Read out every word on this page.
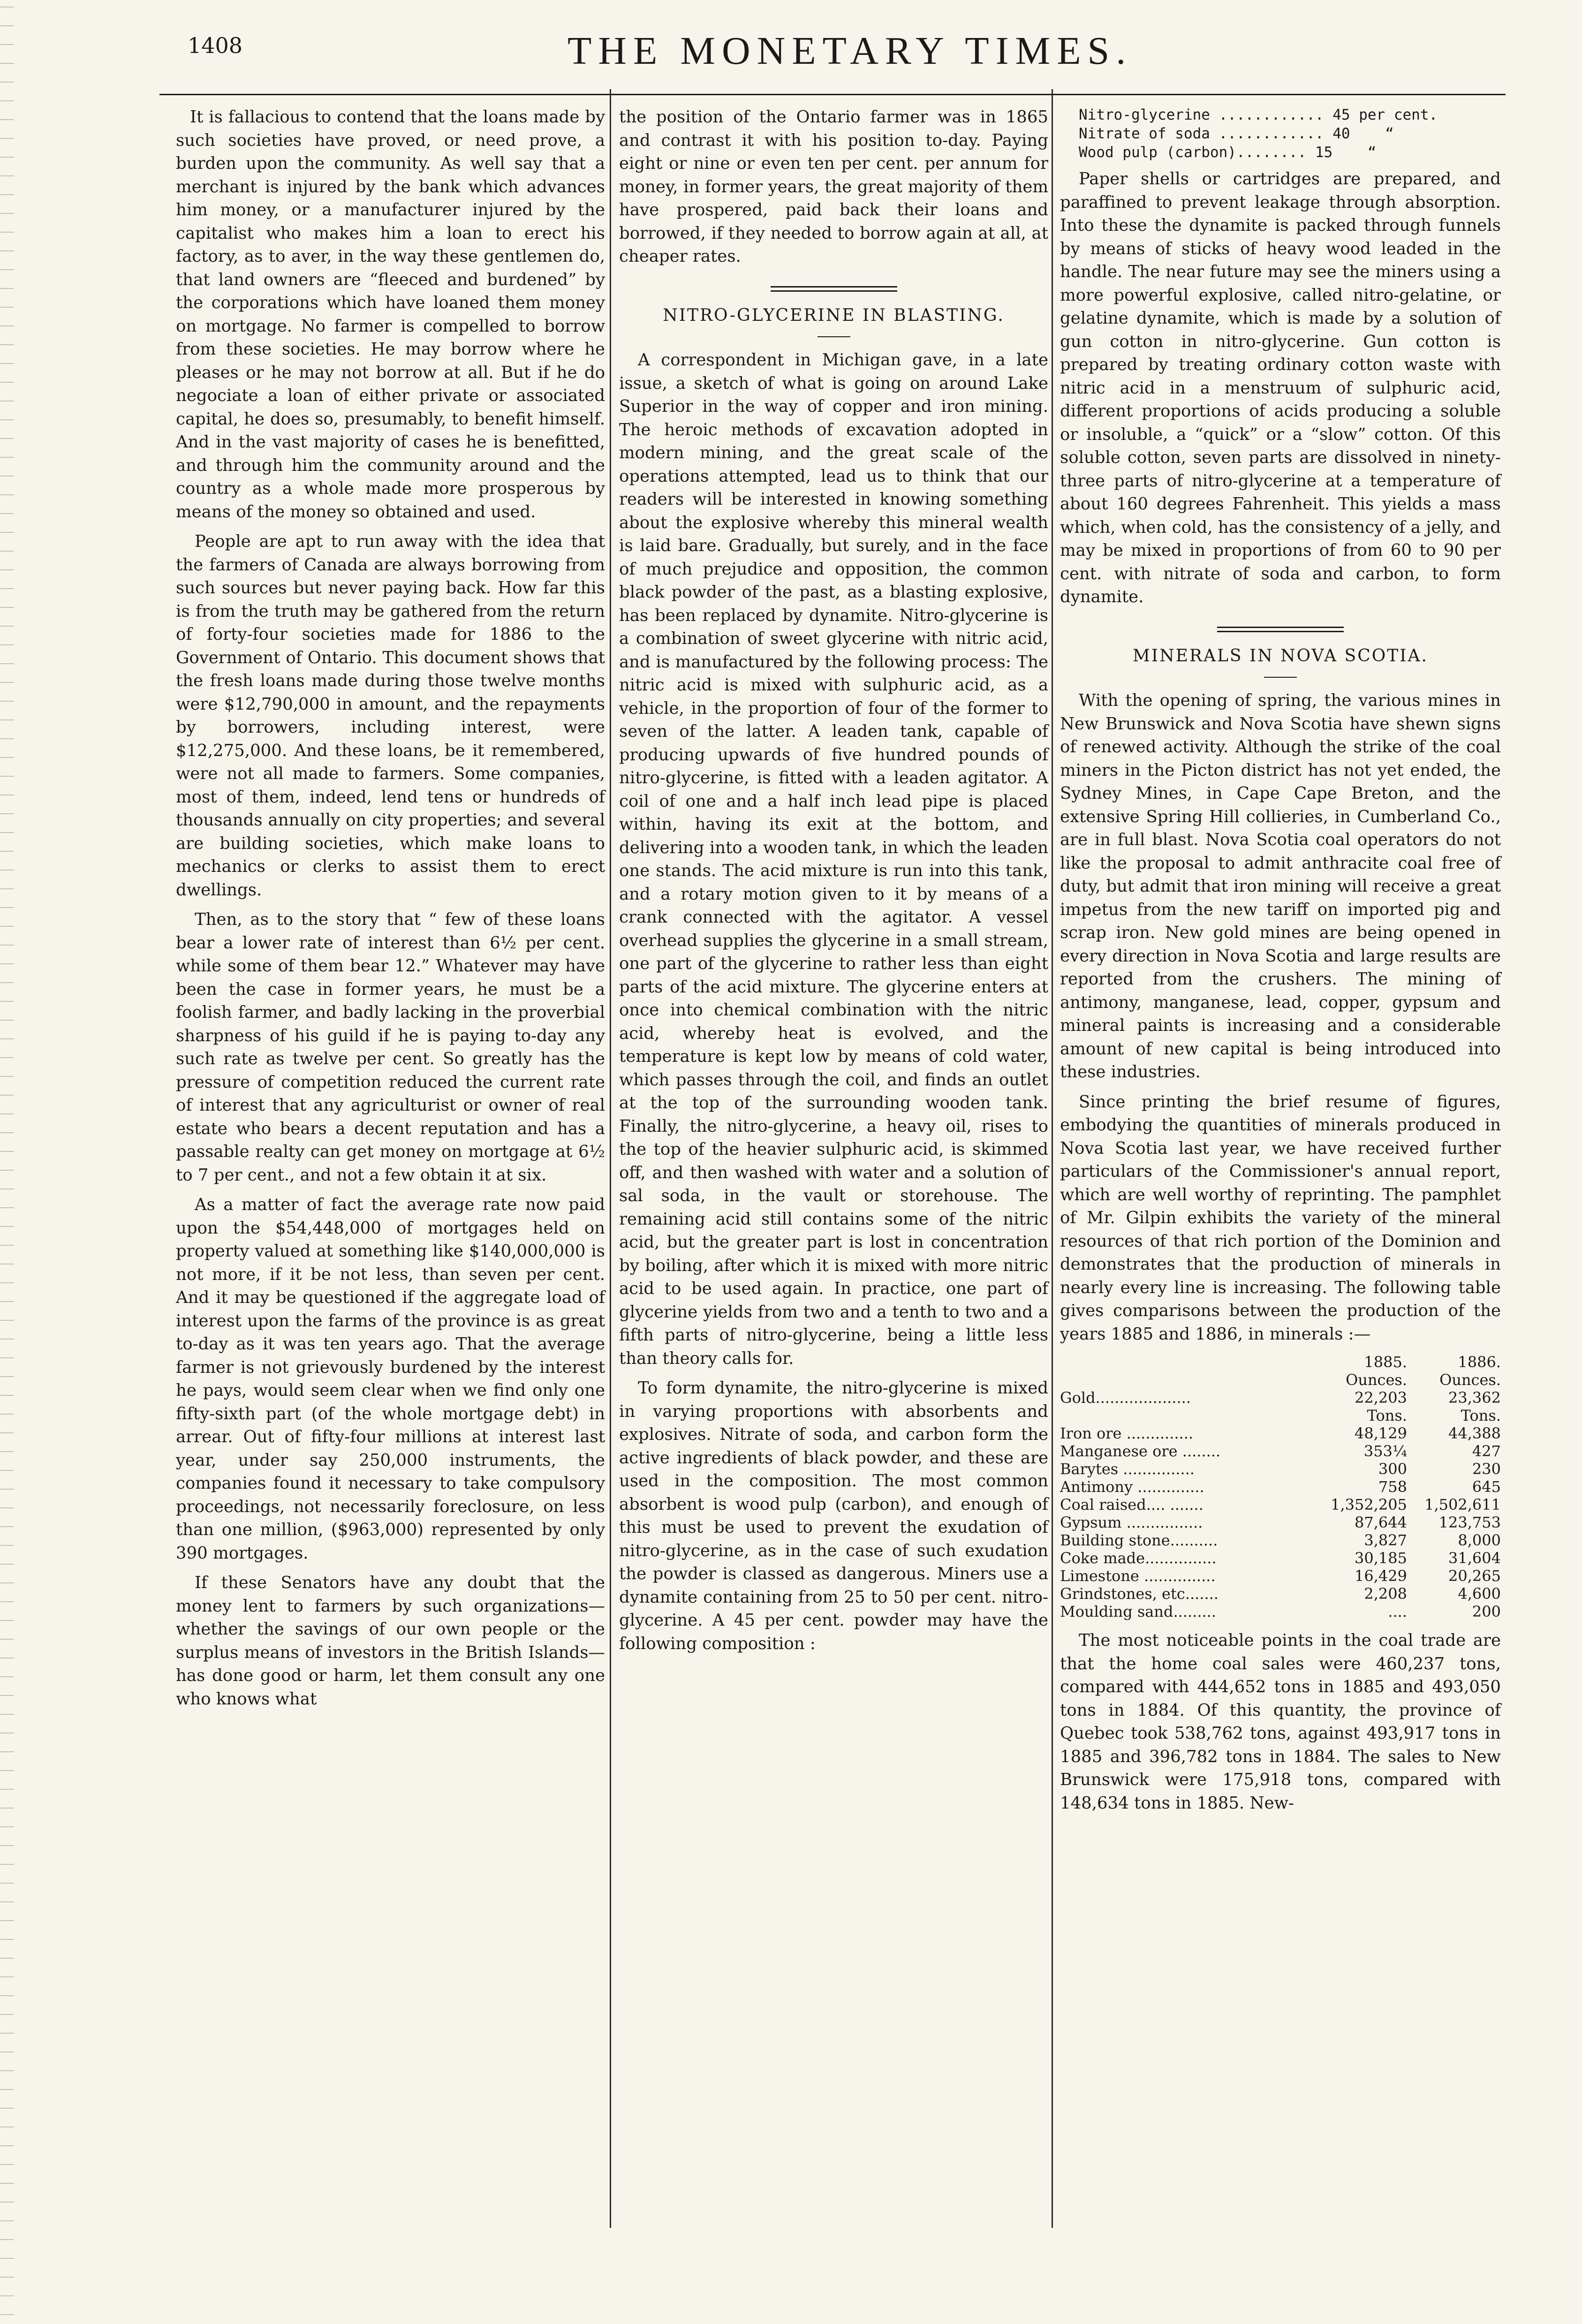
1408	THE MONETARY TIMES.

It is fallacious to contend that the loans made by such societies have proved, or need prove, a burden upon the community. As well say that a merchant is injured by the bank which advances him money, or a manufacturer injured by the capitalist who makes him a loan to erect his factory, as to aver, in the way these gentlemen do, that land owners are “fleeced and burdened” by the corporations which have loaned them money on mortgage. No farmer is compelled to borrow from these societies. He may borrow where he pleases or he may not borrow at all. But if he do negociate a loan of either private or associated capital, he does so, presumably, to benefit himself. And in the vast majority of cases he is benefitted, and through him the community around and the country as a whole made more prosperous by means of the money so obtained and used.

People are apt to run away with the idea that the farmers of Canada are always borrowing from such sources but never paying back. How far this is from the truth may be gathered from the return of forty-four societies made for 1886 to the Government of Ontario. This document shows that the fresh loans made during those twelve months were $12,790,000 in amount, and the repayments by borrowers, including interest, were $12,275,000. And these loans, be it remembered, were not all made to farmers. Some companies, most of them, indeed, lend tens or hundreds of thousands annually on city properties; and several are building societies, which make loans to mechanics or clerks to assist them to erect dwellings.

Then, as to the story that “ few of these loans bear a lower rate of interest than 6½ per cent. while some of them bear 12.” Whatever may have been the case in former years, he must be a foolish farmer, and badly lacking in the proverbial sharpness of his guild if he is paying to-day any such rate as twelve per cent. So greatly has the pressure of competition reduced the current rate of interest that any agriculturist or owner of real estate who bears a decent reputation and has a passable realty can get money on mortgage at 6½ to 7 per cent., and not a few obtain it at six.

As a matter of fact the average rate now paid upon the $54,448,000 of mortgages held on property valued at something like $140,000,000 is not more, if it be not less, than seven per cent. And it may be questioned if the aggregate load of interest upon the farms of the province is as great to-day as it was ten years ago. That the average farmer is not grievously burdened by the interest he pays, would seem clear when we find only one fifty-sixth part (of the whole mortgage debt) in arrear. Out of fifty-four millions at interest last year, under say 250,000 instruments, the companies found it necessary to take compulsory proceedings, not necessarily foreclosure, on less than one million, ($963,000) represented by only 390 mortgages.

If these Senators have any doubt that the money lent to farmers by such organizations—whether the savings of our own people or the surplus means of investors in the British Islands—has done good or harm, let them consult any one who knows what

the position of the Ontario farmer was in 1865 and contrast it with his position to-day. Paying eight or nine or even ten per cent. per annum for money, in former years, the great majority of them have prospered, paid back their loans and borrowed, if they needed to borrow again at all, at cheaper rates.

NITRO-GLYCERINE IN BLASTING.

A correspondent in Michigan gave, in a late issue, a sketch of what is going on around Lake Superior in the way of copper and iron mining. The heroic methods of excavation adopted in modern mining, and the great scale of the operations attempted, lead us to think that our readers will be interested in knowing something about the explosive whereby this mineral wealth is laid bare. Gradually, but surely, and in the face of much prejudice and opposition, the common black powder of the past, as a blasting explosive, has been replaced by dynamite. Nitro-glycerine is a combination of sweet glycerine with nitric acid, and is manufactured by the following process: The nitric acid is mixed with sulphuric acid, as a vehicle, in the proportion of four of the former to seven of the latter. A leaden tank, capable of producing upwards of five hundred pounds of nitro-glycerine, is fitted with a leaden agitator. A coil of one and a half inch lead pipe is placed within, having its exit at the bottom, and delivering into a wooden tank, in which the leaden one stands. The acid mixture is run into this tank, and a rotary motion given to it by means of a crank connected with the agitator. A vessel overhead supplies the glycerine in a small stream, one part of the glycerine to rather less than eight parts of the acid mixture. The glycerine enters at once into chemical combination with the nitric acid, whereby heat is evolved, and the temperature is kept low by means of cold water, which passes through the coil, and finds an outlet at the top of the surrounding wooden tank. Finally, the nitro-glycerine, a heavy oil, rises to the top of the heavier sulphuric acid, is skimmed off, and then washed with water and a solution of sal soda, in the vault or storehouse. The remaining acid still contains some of the nitric acid, but the greater part is lost in concentration by boiling, after which it is mixed with more nitric acid to be used again. In practice, one part of glycerine yields from two and a tenth to two and a fifth parts of nitro-glycerine, being a little less than theory calls for.

To form dynamite, the nitro-glycerine is mixed in varying proportions with absorbents and explosives. Nitrate of soda, and carbon form the active ingredients of black powder, and these are used in the composition. The most common absorbent is wood pulp (carbon), and enough of this must be used to prevent the exudation of nitro-glycerine, as in the case of such exudation the powder is classed as dangerous. Miners use a dynamite containing from 25 to 50 per cent. nitro-glycerine. A 45 per cent. powder may have the following composition :

Nitro-glycerine ............ 45 per cent.
Nitrate of soda ............ 40    “
Wood pulp (carbon)........ 15    “

Paper shells or cartridges are prepared, and paraffined to prevent leakage through absorption. Into these the dynamite is packed through funnels by means of sticks of heavy wood leaded in the handle. The near future may see the miners using a more powerful explosive, called nitro-gelatine, or gelatine dynamite, which is made by a solution of gun cotton in nitro-glycerine. Gun cotton is prepared by treating ordinary cotton waste with nitric acid in a menstruum of sulphuric acid, different proportions of acids producing a soluble or insoluble, a “quick” or a “slow” cotton. Of this soluble cotton, seven parts are dissolved in ninety-three parts of nitro-glycerine at a temperature of about 160 degrees Fahrenheit. This yields a mass which, when cold, has the consistency of a jelly, and may be mixed in proportions of from 60 to 90 per cent. with nitrate of soda and carbon, to form dynamite.

MINERALS IN NOVA SCOTIA.

With the opening of spring, the various mines in New Brunswick and Nova Scotia have shewn signs of renewed activity. Although the strike of the coal miners in the Picton district has not yet ended, the Sydney Mines, in Cape Cape Breton, and the extensive Spring Hill collieries, in Cumberland Co., are in full blast. Nova Scotia coal operators do not like the proposal to admit anthracite coal free of duty, but admit that iron mining will receive a great impetus from the new tariff on imported pig and scrap iron. New gold mines are being opened in every direction in Nova Scotia and large results are reported from the crushers. The mining of antimony, manganese, lead, copper, gypsum and mineral paints is increasing and a considerable amount of new capital is being introduced into these industries.

Since printing the brief resume of figures, embodying the quantities of minerals produced in Nova Scotia last year, we have received further particulars of the Commissioner's annual report, which are well worthy of reprinting. The pamphlet of Mr. Gilpin exhibits the variety of the mineral resources of that rich portion of the Dominion and demonstrates that the production of minerals in nearly every line is increasing. The following table gives comparisons between the production of the years 1885 and 1886, in minerals :—

	1885.	1886.
	Ounces.	Ounces.
Gold....................	22,203	23,362
	Tons.	Tons.
Iron ore ..............	48,129	44,388
Manganese ore ........	353¼	427
Barytes ...............	300	230
Antimony ..............	758	645
Coal raised.... .......	1,352,205	1,502,611
Gypsum ................	87,644	123,753
Building stone..........	3,827	8,000
Coke made...............	30,185	31,604
Limestone ...............	16,429	20,265
Grindstones, etc.......	2,208	4,600
Moulding sand.........	....	200

The most noticeable points in the coal trade are that the home coal sales were 460,237 tons, compared with 444,652 tons in 1885 and 493,050 tons in 1884. Of this quantity, the province of Quebec took 538,762 tons, against 493,917 tons in 1885 and 396,782 tons in 1884. The sales to New Brunswick were 175,918 tons, compared with 148,634 tons in 1885. New-
